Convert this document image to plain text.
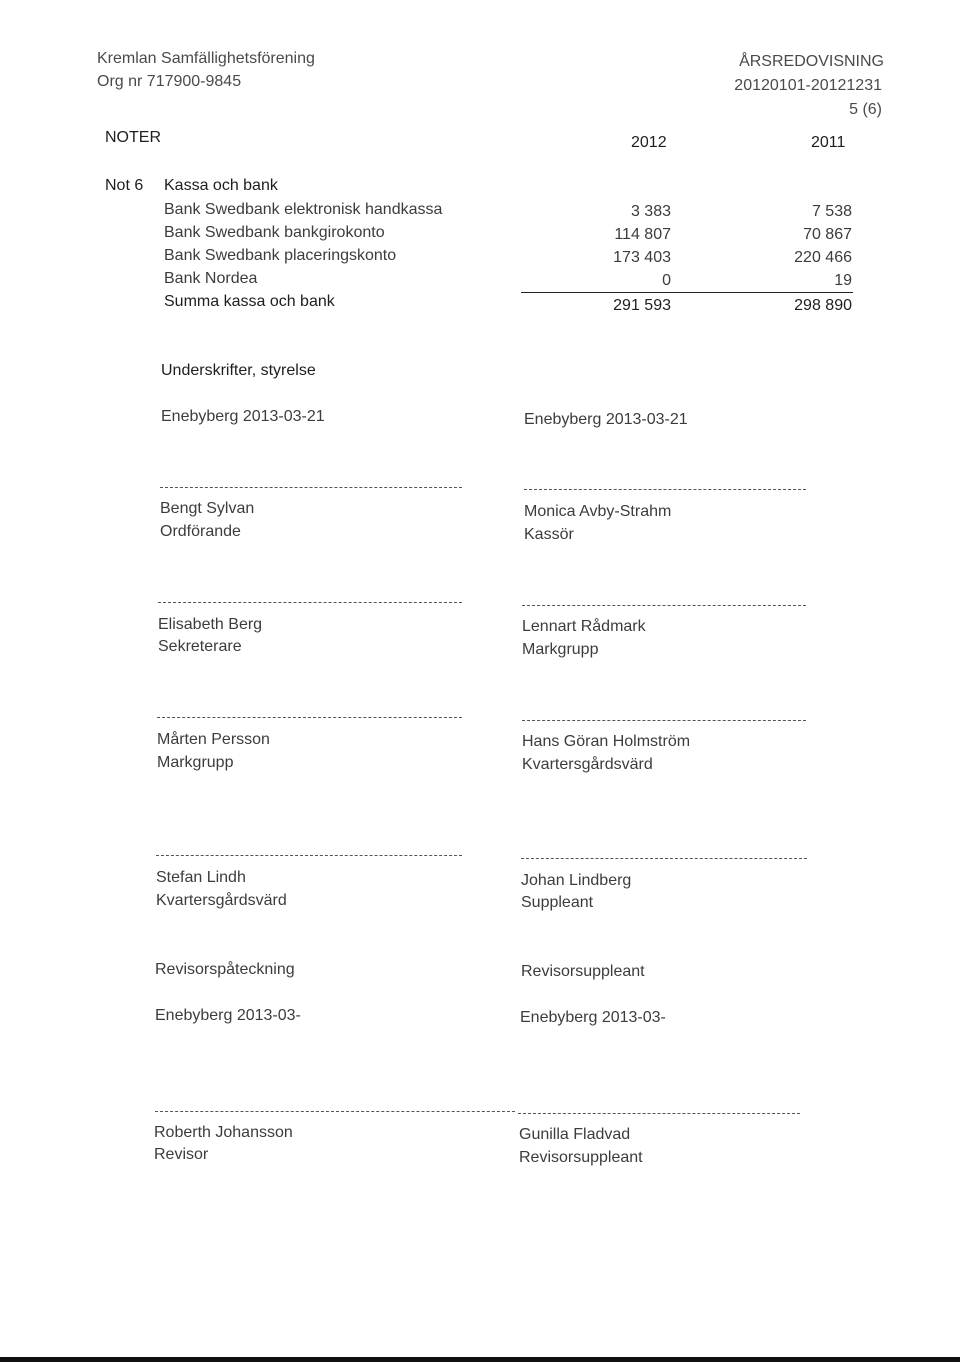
Kremlan Samfällighetsförening
Org nr 717900-9845
ÅRSREDOVISNING
20120101-20121231
5 (6)
NOTER	2012	2011
Not 6 Kassa och bank
Bank Swedbank elektronisk handkassa	3 383	7 538
Bank Swedbank bankgirokonto	114 807	70 867
Bank Swedbank placeringskonto	173 403	220 466
Bank Nordea	0	19
Summa kassa och bank	291 593	298 890
Underskrifter, styrelse
Enebyberg 2013-03-21	Enebyberg 2013-03-21
Bengt Sylvan
Ordförande
Monica Avby-Strahm
Kassör
Elisabeth Berg
Sekreterare
Lennart Rådmark
Markgrupp
Mårten Persson
Markgrupp
Hans Göran Holmström
Kvartersgårdsvärd
Stefan Lindh
Kvartersgårdsvärd
Johan Lindberg
Suppleant
Revisorspåteckning	Revisorsuppleant
Enebyberg 2013-03-	Enebyberg 2013-03-
Roberth Johansson
Revisor
Gunilla Fladvad
Revisorsuppleant
